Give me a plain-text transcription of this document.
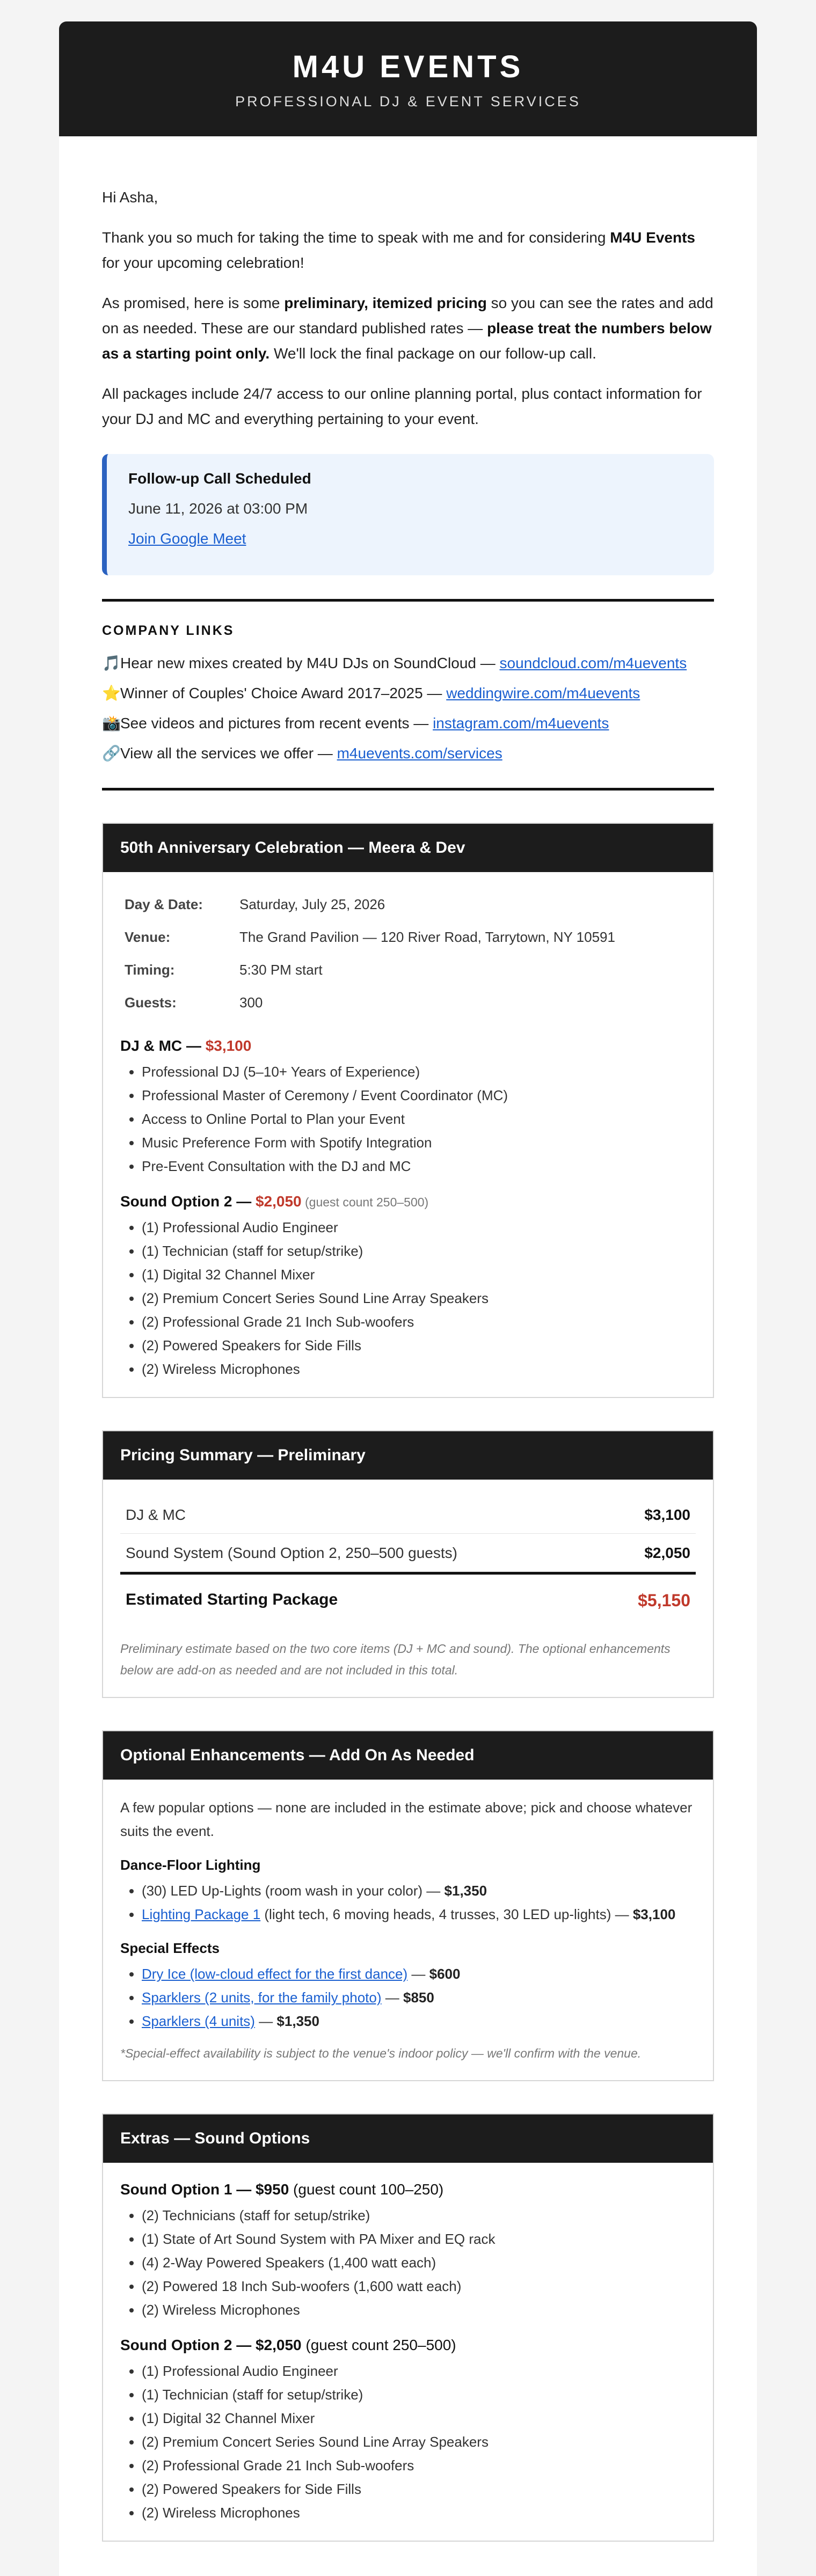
M4U EVENTS
PROFESSIONAL DJ & EVENT SERVICES

Hi Asha,

Thank you so much for taking the time to speak with me and for considering M4U Events for your upcoming celebration!

As promised, here is some preliminary, itemized pricing so you can see the rates and add on as needed. These are our standard published rates — please treat the numbers below as a starting point only. We'll lock the final package on our follow-up call.

All packages include 24/7 access to our online planning portal, plus contact information for your DJ and MC and everything pertaining to your event.

Follow-up Call Scheduled
June 11, 2026 at 03:00 PM
Join Google Meet
COMPANY LINKS
🎵Hear new mixes created by M4U DJs on SoundCloud — soundcloud.com/m4uevents
⭐Winner of Couples' Choice Award 2017–2025 — weddingwire.com/m4uevents
📸See videos and pictures from recent events — instagram.com/m4uevents
🔗View all the services we offer — m4uevents.com/services
50th Anniversary Celebration — Meera & Dev
Day & Date:	Saturday, July 25, 2026
Venue:	The Grand Pavilion — 120 River Road, Tarrytown, NY 10591
Timing:	5:30 PM start
Guests:	300
DJ & MC — $3,100
• Professional DJ (5–10+ Years of Experience)
• Professional Master of Ceremony / Event Coordinator (MC)
• Access to Online Portal to Plan your Event
• Music Preference Form with Spotify Integration
• Pre-Event Consultation with the DJ and MC
Sound Option 2 — $2,050 (guest count 250–500)
• (1) Professional Audio Engineer
• (1) Technician (staff for setup/strike)
• (1) Digital 32 Channel Mixer
• (2) Premium Concert Series Sound Line Array Speakers
• (2) Professional Grade 21 Inch Sub-woofers
• (2) Powered Speakers for Side Fills
• (2) Wireless Microphones
Pricing Summary — Preliminary
DJ & MC	$3,100
Sound System (Sound Option 2, 250–500 guests)	$2,050
Estimated Starting Package	$5,150
Preliminary estimate based on the two core items (DJ + MC and sound). The optional enhancements below are add-on as needed and are not included in this total.
Optional Enhancements — Add On As Needed
A few popular options — none are included in the estimate above; pick and choose whatever suits the event.
Dance-Floor Lighting
• (30) LED Up-Lights (room wash in your color) — $1,350
• Lighting Package 1 (light tech, 6 moving heads, 4 trusses, 30 LED up-lights) — $3,100
Special Effects
• Dry Ice (low-cloud effect for the first dance) — $600
• Sparklers (2 units, for the family photo) — $850
• Sparklers (4 units) — $1,350
*Special-effect availability is subject to the venue's indoor policy — we'll confirm with the venue.
Extras — Sound Options
Sound Option 1 — $950 (guest count 100–250)
• (2) Technicians (staff for setup/strike)
• (1) State of Art Sound System with PA Mixer and EQ rack
• (4) 2-Way Powered Speakers (1,400 watt each)
• (2) Powered 18 Inch Sub-woofers (1,600 watt each)
• (2) Wireless Microphones
Sound Option 2 — $2,050 (guest count 250–500)
• (1) Professional Audio Engineer
• (1) Technician (staff for setup/strike)
• (1) Digital 32 Channel Mixer
• (2) Premium Concert Series Sound Line Array Speakers
• (2) Professional Grade 21 Inch Sub-woofers
• (2) Powered Speakers for Side Fills
• (2) Wireless Microphones
